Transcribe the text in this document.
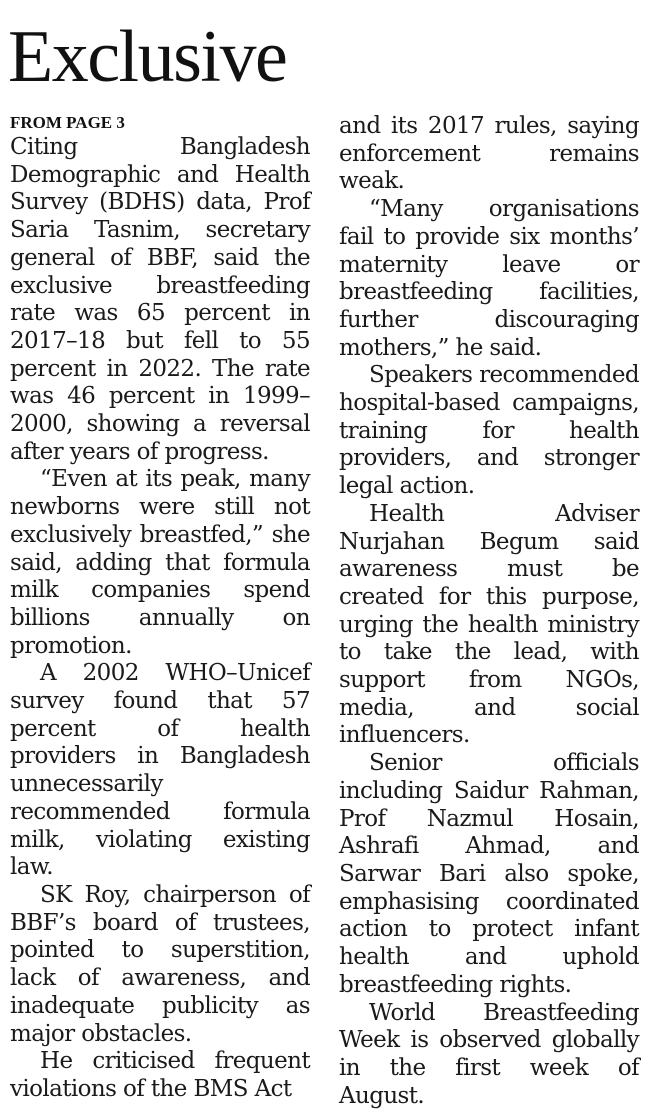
Exclusive

FROM PAGE 3

Citing Bangladesh Demographic and Health Survey (BDHS) data, Prof Saria Tasnim, secretary general of BBF, said the exclusive breastfeeding rate was 65 percent in 2017–18 but fell to 55 percent in 2022. The rate was 46 percent in 1999–2000, showing a reversal after years of progress.

“Even at its peak, many newborns were still not exclusively breastfed,” she said, adding that formula milk companies spend billions annually on promotion.

A 2002 WHO–Unicef survey found that 57 percent of health providers in Bangladesh unnecessarily recommended formula milk, violating existing law.

SK Roy, chairperson of BBF’s board of trustees, pointed to superstition, lack of awareness, and inadequate publicity as major obstacles.

He criticised frequent violations of the BMS Act

and its 2017 rules, saying enforcement remains weak.

“Many organisations fail to provide six months’ maternity leave or breastfeeding facilities, further discouraging mothers,” he said.

Speakers recommended hospital-based campaigns, training for health providers, and stronger legal action.

Health Adviser Nurjahan Begum said awareness must be created for this purpose, urging the health ministry to take the lead, with support from NGOs, media, and social influencers.

Senior officials including Saidur Rahman, Prof Nazmul Hosain, Ashrafi Ahmad, and Sarwar Bari also spoke, emphasising coordinated action to protect infant health and uphold breastfeeding rights.

World Breastfeeding Week is observed globally in the first week of August.
